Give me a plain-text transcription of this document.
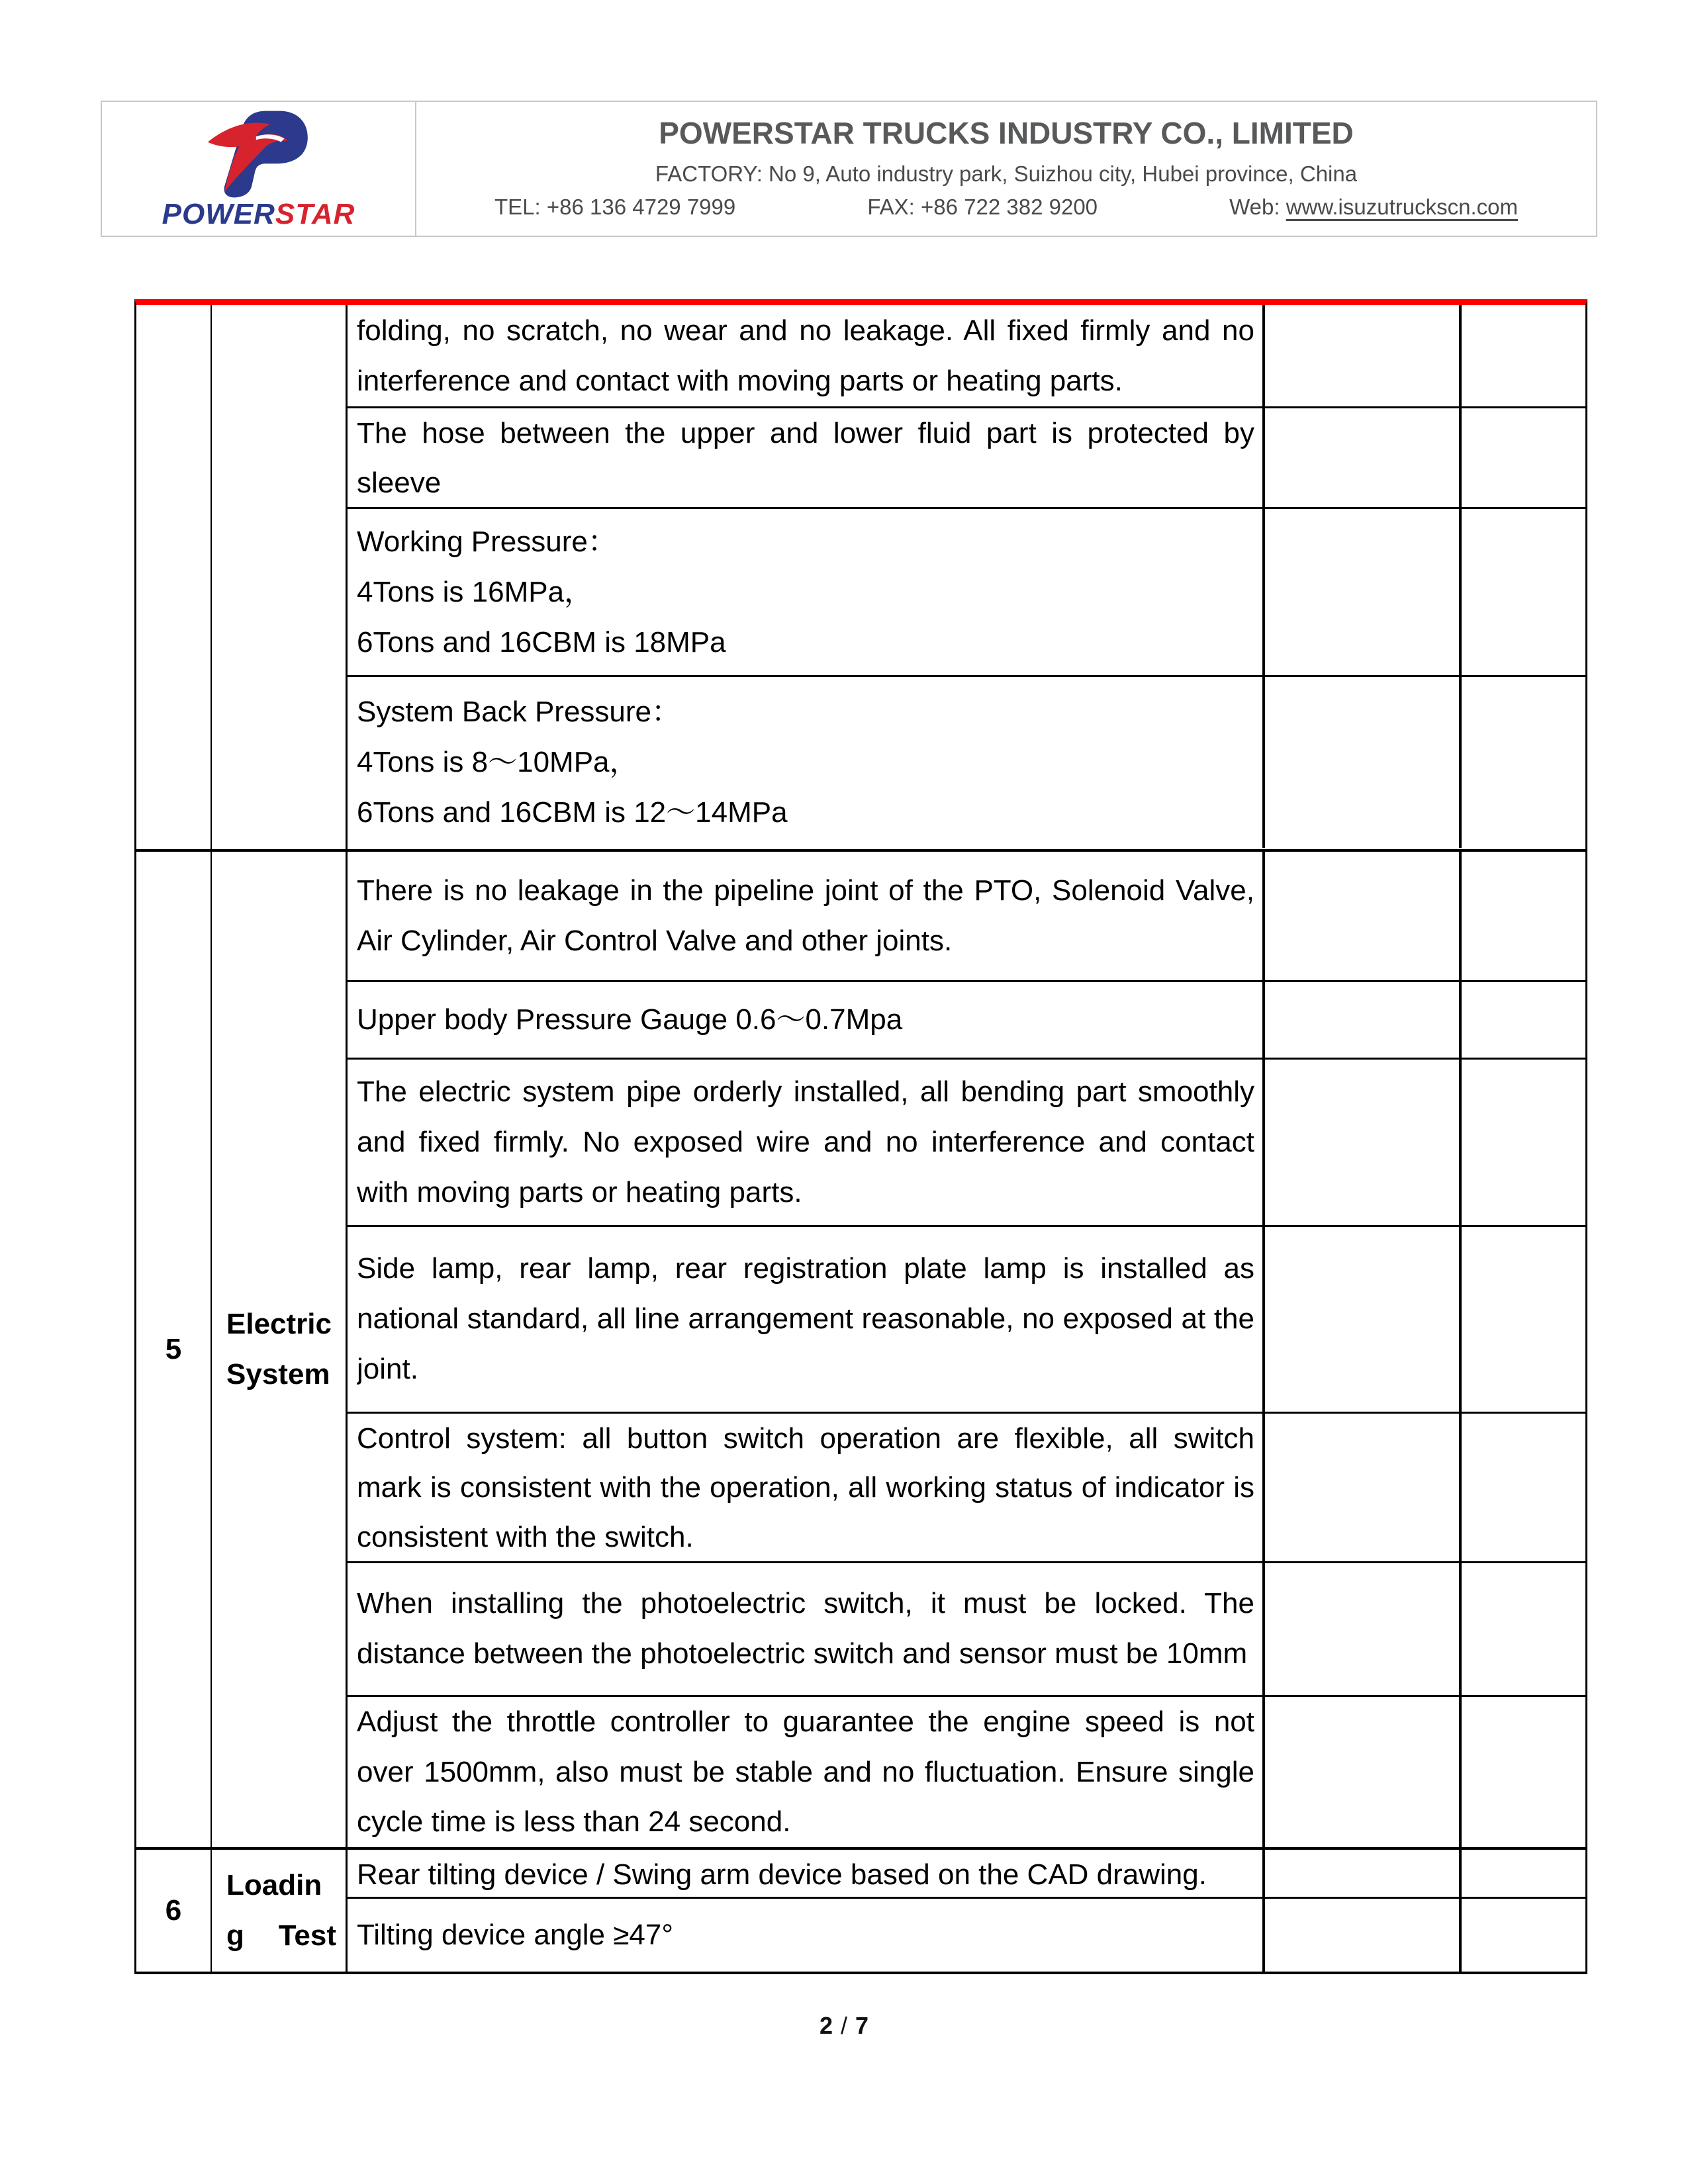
POWERSTAR
POWERSTAR TRUCKS INDUSTRY CO., LIMITED
FACTORY: No 9, Auto industry park, Suizhou city, Hubei province, China
TEL: +86 136 4729 7999	FAX: +86 722 382 9200	Web: www.isuzutruckscn.com
folding, no scratch, no wear and no leakage. All fixed firmly and no
interference and contact with moving parts or heating parts.
The hose between the upper and lower fluid part is protected by
sleeve
Working Pressure：
4Tons is 16MPa，
6Tons and 16CBM is 18MPa
System Back Pressure：
4Tons is 8～10MPa，
6Tons and 16CBM is 12～14MPa
5
Electric
System
There is no leakage in the pipeline joint of the PTO, Solenoid Valve,
Air Cylinder, Air Control Valve and other joints.
Upper body Pressure Gauge 0.6～0.7Mpa
The electric system pipe orderly installed, all bending part smoothly
and fixed firmly. No exposed wire and no interference and contact
with moving parts or heating parts.
Side lamp, rear lamp, rear registration plate lamp is installed as
national standard, all line arrangement reasonable, no exposed at the
joint.
Control system: all button switch operation are flexible, all switch
mark is consistent with the operation, all working status of indicator is
consistent with the switch.
When installing the photoelectric switch, it must be locked. The
distance between the photoelectric switch and sensor must be 10mm
Adjust the throttle controller to guarantee the engine speed is not
over 1500mm, also must be stable and no fluctuation. Ensure single
cycle time is less than 24 second.
6
Loadin
g Test
Rear tilting device / Swing arm device based on the CAD drawing.
Tilting device angle ≥47°
2 / 7
